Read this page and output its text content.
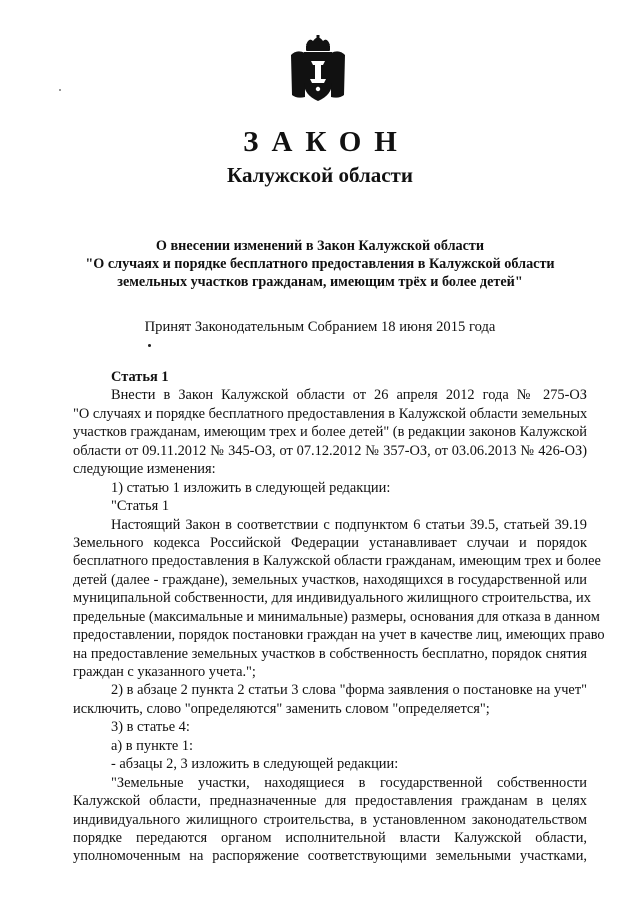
ЗАКОН
Калужской области
О внесении изменений в Закон Калужской области
"О случаях и порядке бесплатного предоставления в Калужской области
земельных участков гражданам, имеющим трёх и более детей"
Принят Законодательным Собранием 18 июня 2015 года
Статья 1
Внести в Закон Калужской области от 26 апреля 2012 года № 275-ОЗ
"О случаях и порядке бесплатного предоставления в Калужской области земельных
участков гражданам, имеющим трех и более детей" (в редакции законов Калужской
области от 09.11.2012 № 345-ОЗ, от 07.12.2012 № 357-ОЗ, от 03.06.2013 № 426-ОЗ)
следующие изменения:
1) статью 1 изложить в следующей редакции:
"Статья 1
Настоящий Закон в соответствии с подпунктом 6 статьи 39.5, статьей 39.19
Земельного кодекса Российской Федерации устанавливает случаи и порядок
бесплатного предоставления в Калужской области гражданам, имеющим трех и более
детей (далее - граждане), земельных участков, находящихся в государственной или
муниципальной собственности, для индивидуального жилищного строительства, их
предельные (максимальные и минимальные) размеры, основания для отказа в данном
предоставлении, порядок постановки граждан на учет в качестве лиц, имеющих право
на предоставление земельных участков в собственность бесплатно, порядок снятия
граждан с указанного учета.";
2) в абзаце 2 пункта 2 статьи 3 слова "форма заявления о постановке на учет"
исключить, слово "определяются" заменить словом "определяется";
3) в статье 4:
а) в пункте 1:
- абзацы 2, 3 изложить в следующей редакции:
"Земельные участки, находящиеся в государственной собственности
Калужской области, предназначенные для предоставления гражданам в целях
индивидуального жилищного строительства, в установленном законодательством
порядке передаются органом исполнительной власти Калужской области,
уполномоченным на распоряжение соответствующими земельными участками,
